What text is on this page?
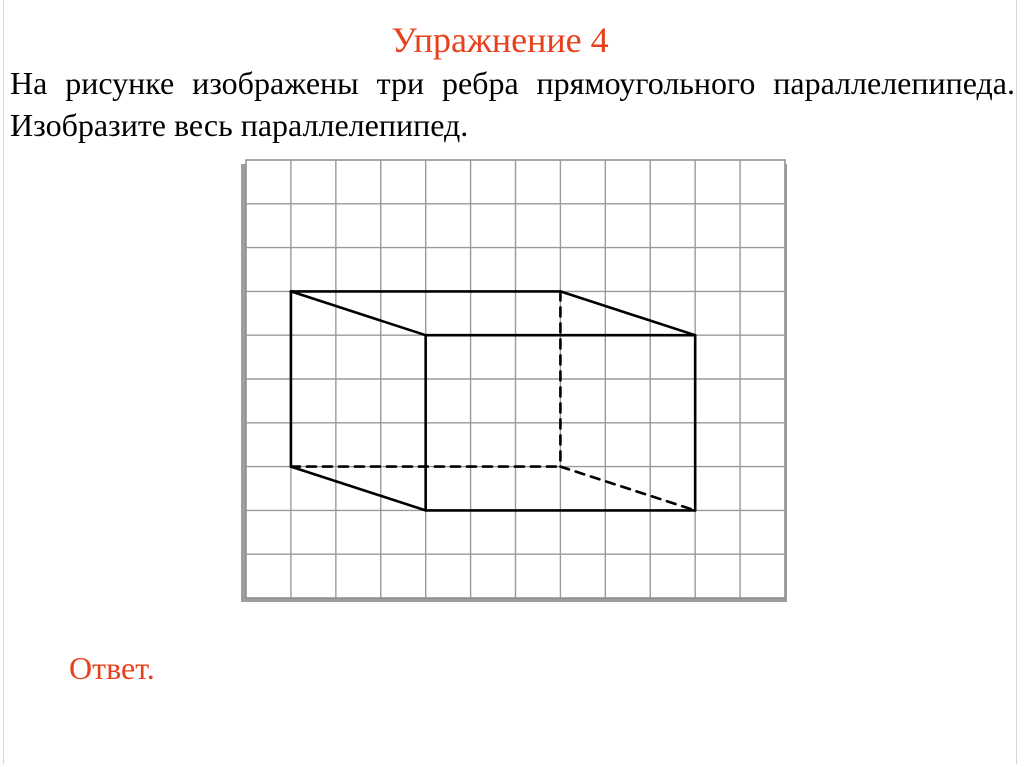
Упражнение 4

На рисунке изображены три ребра прямоугольного параллелепипеда. Изобразите весь параллелепипед.

Ответ.
